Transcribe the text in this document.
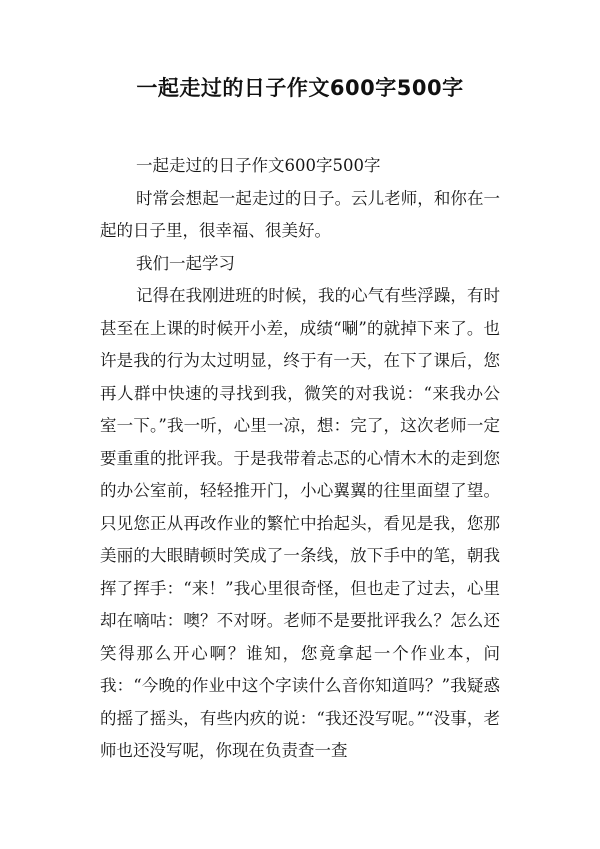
一起走过的日子作文600字500字

一起走过的日子作文600字500字

时常会想起一起走过的日子。云儿老师，和你在一起的日子里，很幸福、很美好。

我们一起学习

记得在我刚进班的时候，我的心气有些浮躁，有时甚至在上课的时候开小差，成绩“唰”的就掉下来了。也许是我的行为太过明显，终于有一天，在下了课后，您再人群中快速的寻找到我，微笑的对我说：“来我办公室一下。”我一听，心里一凉，想：完了，这次老师一定要重重的批评我。于是我带着忐忑的心情木木的走到您的办公室前，轻轻推开门，小心翼翼的往里面望了望。只见您正从再改作业的繁忙中抬起头，看见是我，您那美丽的大眼睛顿时笑成了一条线，放下手中的笔，朝我挥了挥手：“来！”我心里很奇怪，但也走了过去，心里却在嘀咕：噢？不对呀。老师不是要批评我么？怎么还笑得那么开心啊？谁知，您竟拿起一个作业本，问我：“今晚的作业中这个字读什么音你知道吗？”我疑惑的摇了摇头，有些内疚的说：“我还没写呢。”“没事，老师也还没写呢，你现在负责查一查
